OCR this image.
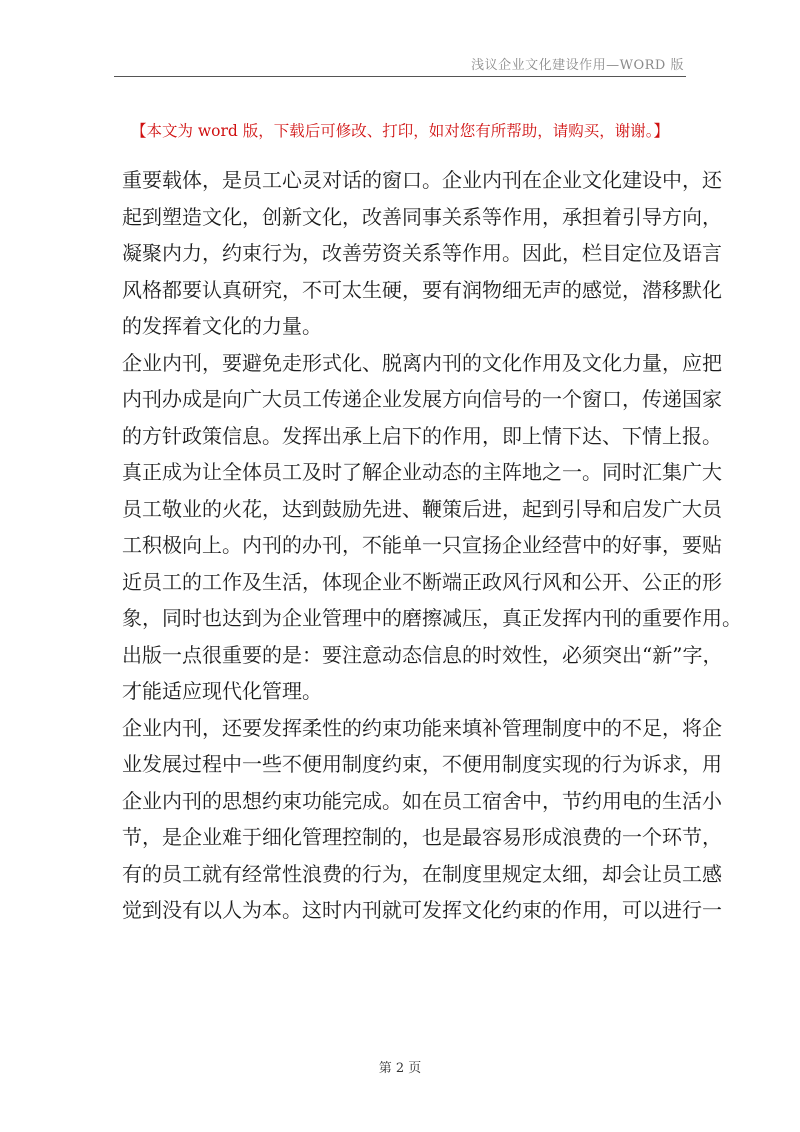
浅议企业文化建设作用—WORD 版
【本文为 word 版，下载后可修改、打印，如对您有所帮助，请购买，谢谢。】

重要载体，是员工心灵对话的窗口。企业内刊在企业文化建设中，还
起到塑造文化，创新文化，改善同事关系等作用，承担着引导方向，
凝聚内力，约束行为，改善劳资关系等作用。因此，栏目定位及语言
风格都要认真研究，不可太生硬，要有润物细无声的感觉，潜移默化
的发挥着文化的力量。

企业内刊，要避免走形式化、脱离内刊的文化作用及文化力量，应把
内刊办成是向广大员工传递企业发展方向信号的一个窗口，传递国家
的方针政策信息。发挥出承上启下的作用，即上情下达、下情上报。
真正成为让全体员工及时了解企业动态的主阵地之一。同时汇集广大
员工敬业的火花，达到鼓励先进、鞭策后进，起到引导和启发广大员
工积极向上。内刊的办刊，不能单一只宣扬企业经营中的好事，要贴
近员工的工作及生活，体现企业不断端正政风行风和公开、公正的形
象，同时也达到为企业管理中的磨擦减压，真正发挥内刊的重要作用。
出版一点很重要的是：要注意动态信息的时效性，必须突出“新”字，
才能适应现代化管理。

企业内刊，还要发挥柔性的约束功能来填补管理制度中的不足，将企
业发展过程中一些不便用制度约束，不便用制度实现的行为诉求，用
企业内刊的思想约束功能完成。如在员工宿舍中，节约用电的生活小
节，是企业难于细化管理控制的，也是最容易形成浪费的一个环节，
有的员工就有经常性浪费的行为，在制度里规定太细，却会让员工感
觉到没有以人为本。这时内刊就可发挥文化约束的作用，可以进行一

第 2 页
